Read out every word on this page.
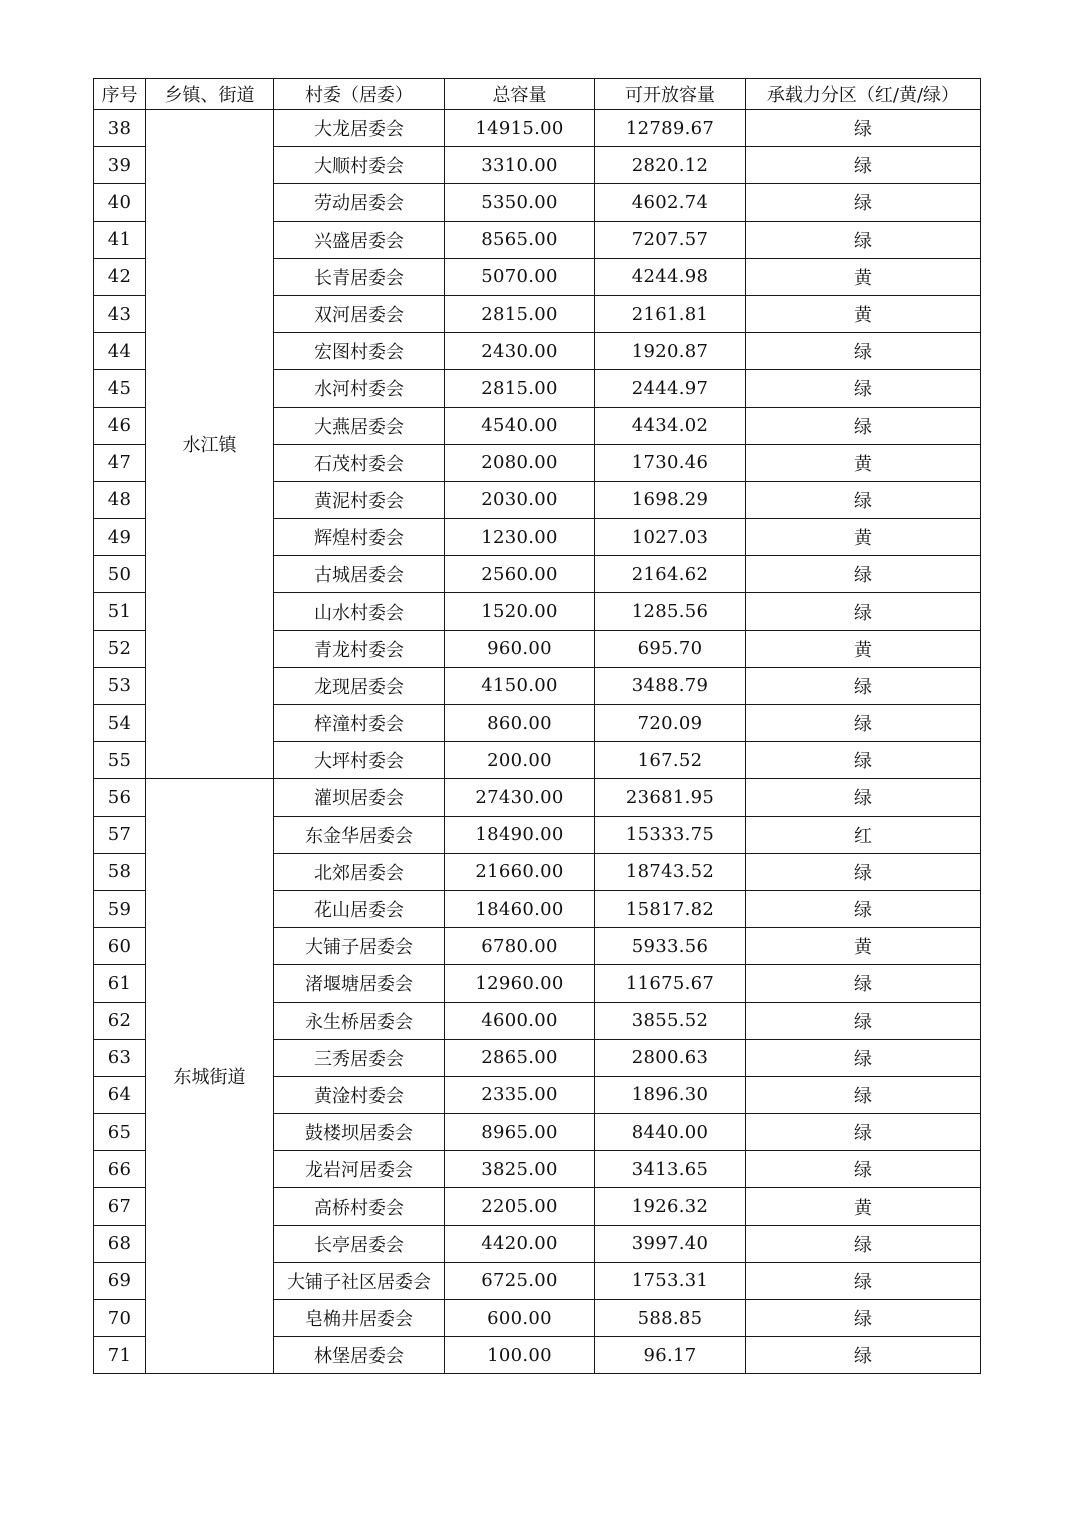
序号	乡镇、街道	村委（居委）	总容量	可开放容量	承载力分区（红/黄/绿）
38	水江镇	大龙居委会	14915.00	12789.67	绿
39		大顺村委会	3310.00	2820.12	绿
40		劳动居委会	5350.00	4602.74	绿
41		兴盛居委会	8565.00	7207.57	绿
42		长青居委会	5070.00	4244.98	黄
43		双河居委会	2815.00	2161.81	黄
44		宏图村委会	2430.00	1920.87	绿
45		水河村委会	2815.00	2444.97	绿
46		大燕居委会	4540.00	4434.02	绿
47		石茂村委会	2080.00	1730.46	黄
48		黄泥村委会	2030.00	1698.29	绿
49		辉煌村委会	1230.00	1027.03	黄
50		古城居委会	2560.00	2164.62	绿
51		山水村委会	1520.00	1285.56	绿
52		青龙村委会	960.00	695.70	黄
53		龙现居委会	4150.00	3488.79	绿
54		梓潼村委会	860.00	720.09	绿
55		大坪村委会	200.00	167.52	绿
56	东城街道	灌坝居委会	27430.00	23681.95	绿
57		东金华居委会	18490.00	15333.75	红
58		北郊居委会	21660.00	18743.52	绿
59		花山居委会	18460.00	15817.82	绿
60		大铺子居委会	6780.00	5933.56	黄
61		渚堰塘居委会	12960.00	11675.67	绿
62		永生桥居委会	4600.00	3855.52	绿
63		三秀居委会	2865.00	2800.63	绿
64		黄淦村委会	2335.00	1896.30	绿
65		鼓楼坝居委会	8965.00	8440.00	绿
66		龙岩河居委会	3825.00	3413.65	绿
67		高桥村委会	2205.00	1926.32	黄
68		长亭居委会	4420.00	3997.40	绿
69		大铺子社区居委会	6725.00	1753.31	绿
70		皂桷井居委会	600.00	588.85	绿
71		林堡居委会	100.00	96.17	绿
